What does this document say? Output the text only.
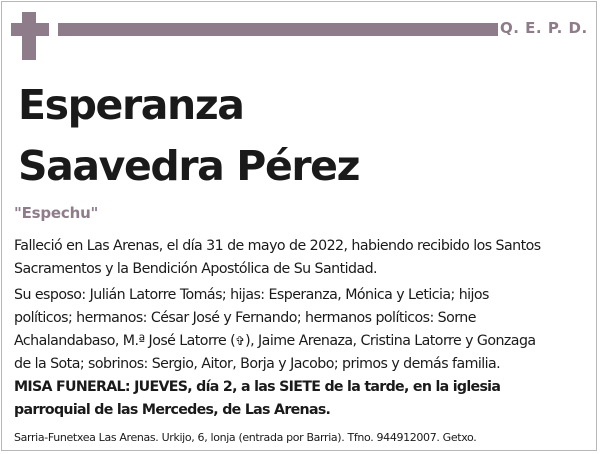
Q. E. P. D.
Esperanza
Saavedra Pérez
"Espechu"
Falleció en Las Arenas, el día 31 de mayo de 2022, habiendo recibido los Santos
Sacramentos y la Bendición Apostólica de Su Santidad.
Su esposo: Julián Latorre Tomás; hijas: Esperanza, Mónica y Leticia; hijos
políticos; hermanos: César José y Fernando; hermanos políticos: Sorne
Achalandabaso, M.ª José Latorre (✞), Jaime Arenaza, Cristina Latorre y Gonzaga
de la Sota; sobrinos: Sergio, Aitor, Borja y Jacobo; primos y demás familia.
MISA FUNERAL: JUEVES, día 2, a las SIETE de la tarde, en la iglesia
parroquial de las Mercedes, de Las Arenas.
Sarria-Funetxea Las Arenas. Urkijo, 6, lonja (entrada por Barria). Tfno. 944912007. Getxo.
